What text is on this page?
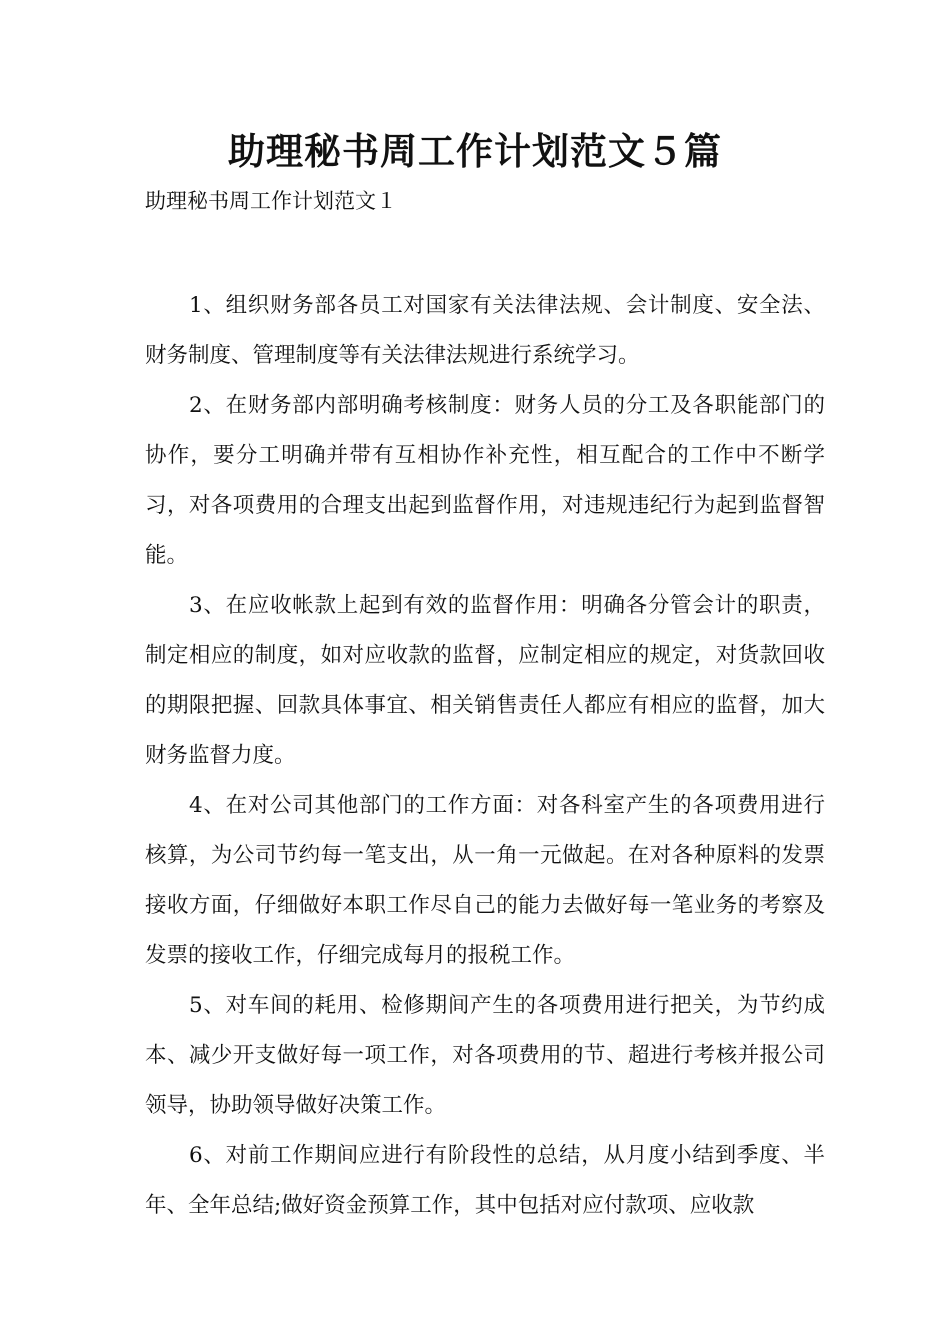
助理秘书周工作计划范文５篇
助理秘书周工作计划范文１

1、组织财务部各员工对国家有关法律法规、会计制度、安全法、财务制度、管理制度等有关法律法规进行系统学习。

2、在财务部内部明确考核制度：财务人员的分工及各职能部门的协作，要分工明确并带有互相协作补充性，相互配合的工作中不断学习，对各项费用的合理支出起到监督作用，对违规违纪行为起到监督智能。

3、在应收帐款上起到有效的监督作用：明确各分管会计的职责，制定相应的制度，如对应收款的监督，应制定相应的规定，对货款回收的期限把握、回款具体事宜、相关销售责任人都应有相应的监督，加大财务监督力度。

4、在对公司其他部门的工作方面：对各科室产生的各项费用进行核算，为公司节约每一笔支出，从一角一元做起。在对各种原料的发票接收方面，仔细做好本职工作尽自己的能力去做好每一笔业务的考察及发票的接收工作，仔细完成每月的报税工作。

5、对车间的耗用、检修期间产生的各项费用进行把关，为节约成本、减少开支做好每一项工作，对各项费用的节、超进行考核并报公司领导，协助领导做好决策工作。

6、对前工作期间应进行有阶段性的总结，从月度小结到季度、半年、全年总结;做好资金预算工作，其中包括对应付款项、应收款
